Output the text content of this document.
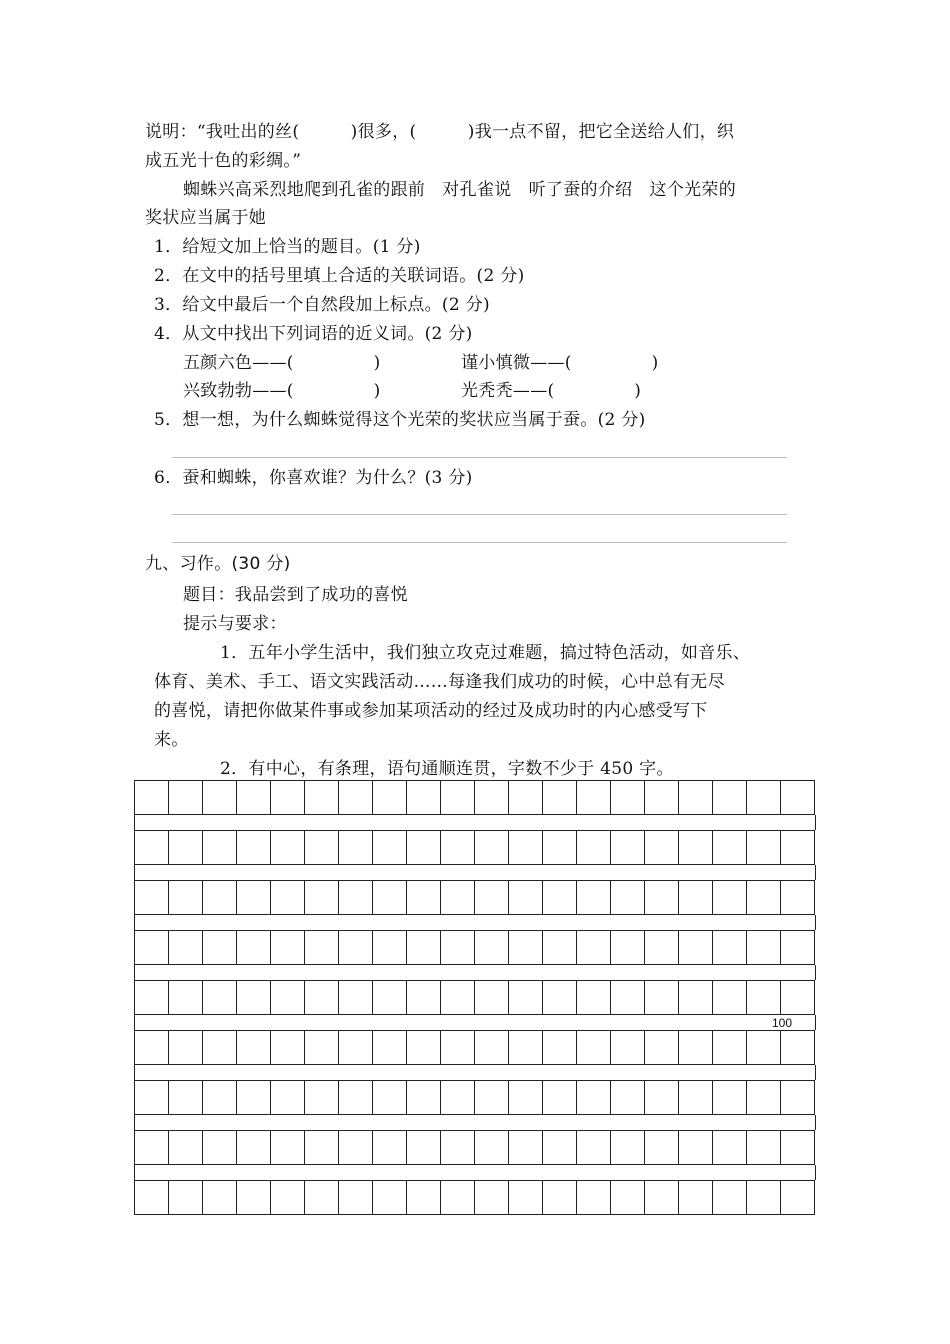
说明：“我吐出的丝(         )很多，(         )我一点不留，把它全送给人们，织
成五光十色的彩绸。”
蜘蛛兴高采烈地爬到孔雀的跟前   对孔雀说   听了蚕的介绍   这个光荣的
奖状应当属于她
1．给短文加上恰当的题目。(1 分)
2．在文中的括号里填上合适的关联词语。(2 分)
3．给文中最后一个自然段加上标点。(2 分)
4．从文中找出下列词语的近义词。(2 分)
五颜六色——(              )	谨小慎微——(              )
兴致勃勃——(              )	光秃秃——(              )
5．想一想，为什么蜘蛛觉得这个光荣的奖状应当属于蚕。(2 分)
6．蚕和蜘蛛，你喜欢谁？为什么？(3 分)
九、习作。(30 分)
题目：我品尝到了成功的喜悦
提示与要求：
1．五年小学生活中，我们独立攻克过难题，搞过特色活动，如音乐、
体育、美术、手工、语文实践活动……每逢我们成功的时候，心中总有无尽
的喜悦，请把你做某件事或参加某项活动的经过及成功时的内心感受写下
来。
2．有中心，有条理，语句通顺连贯，字数不少于 450 字。
100
